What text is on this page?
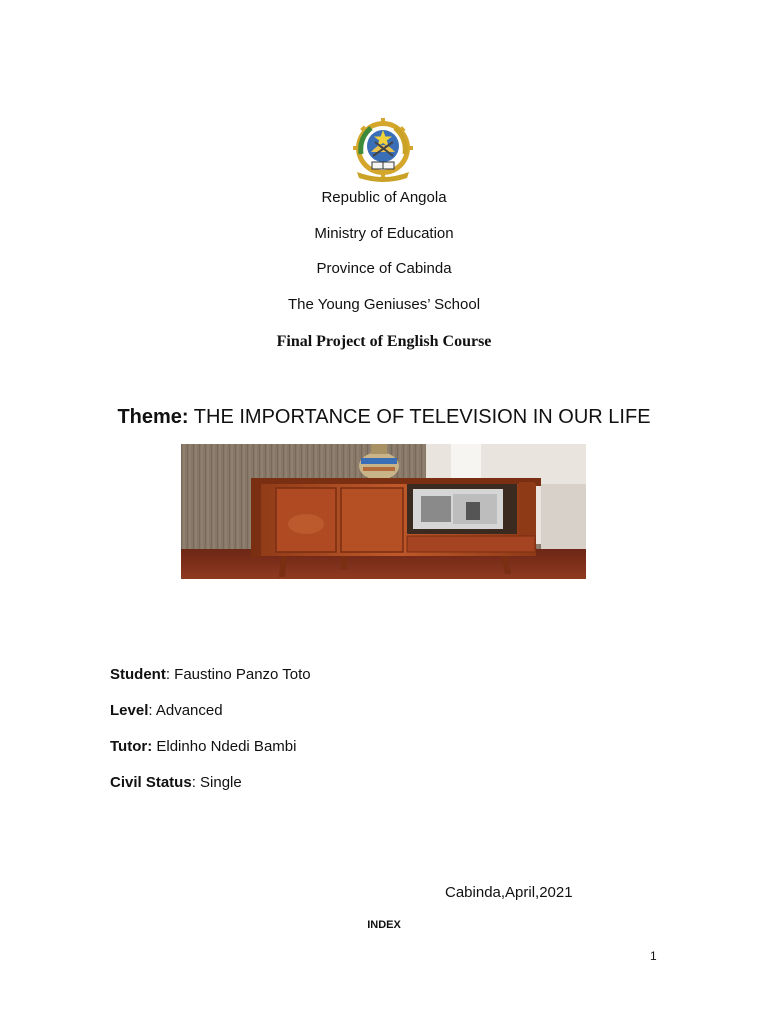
Republic of Angola
Ministry of Education
Province of Cabinda
The Young Geniuses’ School
Final Project of English Course
Theme: THE IMPORTANCE OF TELEVISION IN OUR LIFE
Student: Faustino Panzo Toto
Level: Advanced
Tutor: Eldinho Ndedi Bambi
Civil Status: Single
Cabinda,April,2021
INDEX
1
